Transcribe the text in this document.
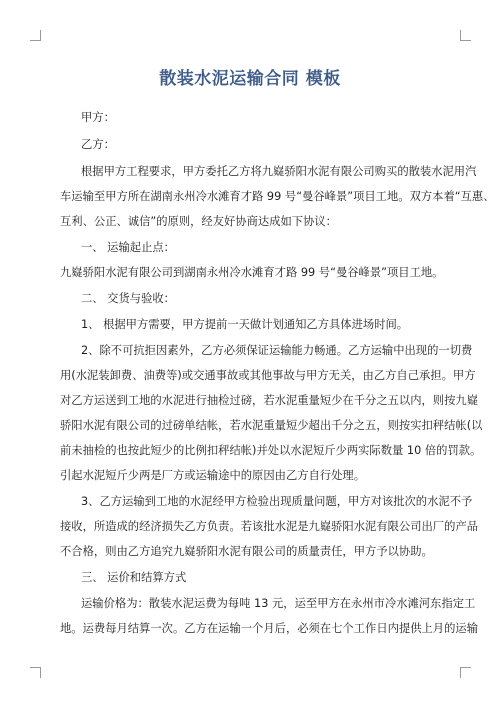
散装水泥运输合同 模板
甲方：
乙方：
根据甲方工程要求，甲方委托乙方将九嶷骄阳水泥有限公司购买的散装水泥用汽
车运输至甲方所在湖南永州冷水滩育才路 99 号“曼谷峰景”项目工地。双方本着“互惠、
互利、公正、诚信”的原则，经友好协商达成如下协议：
一、 运输起止点：
九嶷骄阳水泥有限公司到湖南永州冷水滩育才路 99 号“曼谷峰景”项目工地。
二、 交货与验收：
1、 根据甲方需要，甲方提前一天做计划通知乙方具体进场时间。
2、除不可抗拒因素外，乙方必须保证运输能力畅通。乙方运输中出现的一切费
用(水泥装卸费、油费等)或交通事故或其他事故与甲方无关，由乙方自己承担。甲方
对乙方运送到工地的水泥进行抽检过磅，若水泥重量短少在千分之五以内，则按九嶷
骄阳水泥有限公司的过磅单结帐，若水泥重量短少超出千分之五，则按实扣秤结帐(以
前未抽检的也按此短少的比例扣秤结帐)并处以水泥短斤少两实际数量 10 倍的罚款。
引起水泥短斤少两是厂方或运输途中的原因由乙方自行处理。
3、乙方运输到工地的水泥经甲方检验出现质量问题，甲方对该批次的水泥不予
接收，所造成的经济损失乙方负责。若该批水泥是九嶷骄阳水泥有限公司出厂的产品
不合格，则由乙方追究九嶷骄阳水泥有限公司的质量责任，甲方予以协助。
三、 运价和结算方式
运输价格为：散装水泥运费为每吨 13 元，运至甲方在永州市冷水滩河东指定工
地。运费每月结算一次。乙方在运输一个月后，必须在七个工作日内提供上月的运输
